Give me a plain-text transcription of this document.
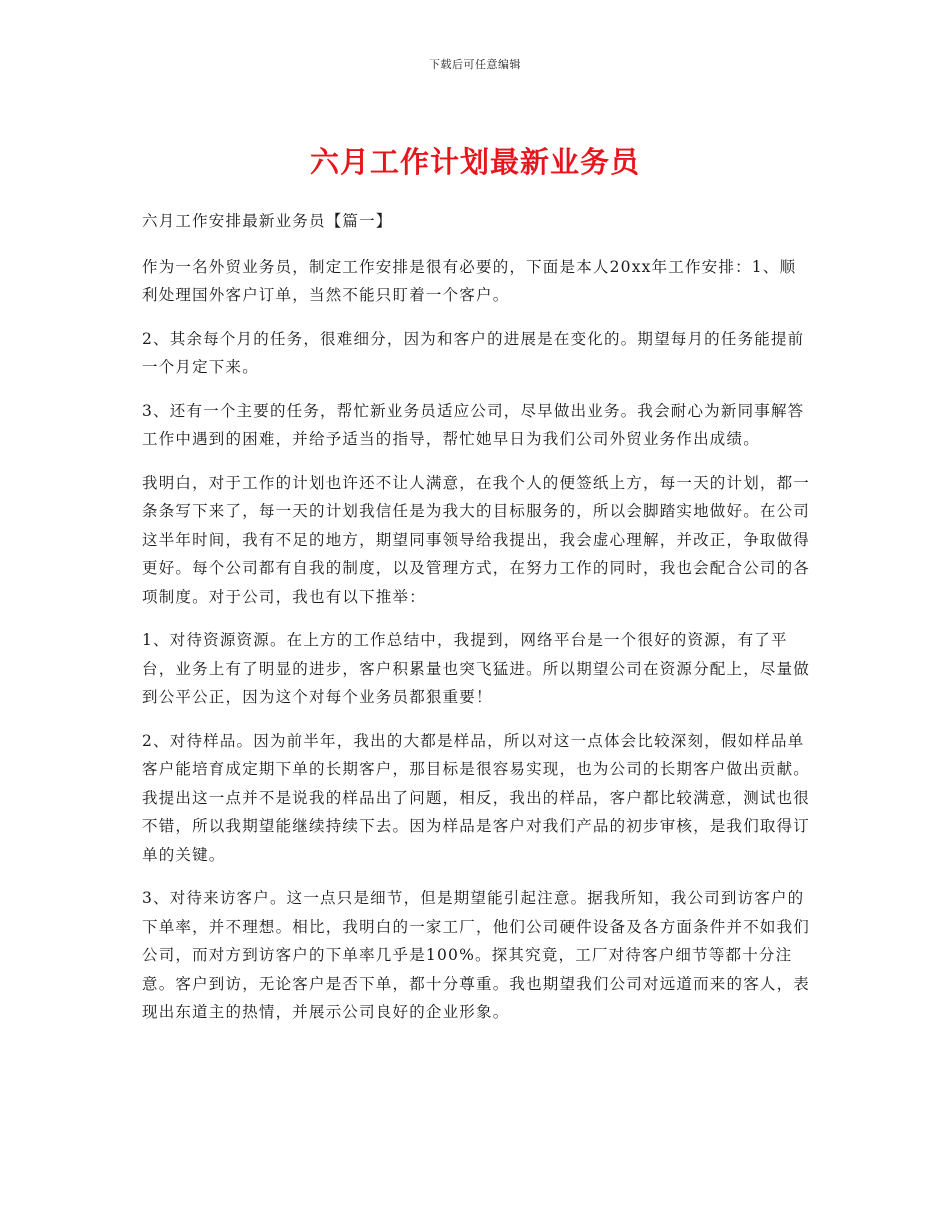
下载后可任意编辑
六月工作计划最新业务员

六月工作安排最新业务员【篇一】

作为一名外贸业务员，制定工作安排是很有必要的，下面是本人20xx年工作安排：1、顺利处理国外客户订单，当然不能只盯着一个客户。

2、其余每个月的任务，很难细分，因为和客户的进展是在变化的。期望每月的任务能提前一个月定下来。

3、还有一个主要的任务，帮忙新业务员适应公司，尽早做出业务。我会耐心为新同事解答工作中遇到的困难，并给予适当的指导，帮忙她早日为我们公司外贸业务作出成绩。

我明白，对于工作的计划也许还不让人满意，在我个人的便签纸上方，每一天的计划，都一条条写下来了，每一天的计划我信任是为我大的目标服务的，所以会脚踏实地做好。在公司这半年时间，我有不足的地方，期望同事领导给我提出，我会虚心理解，并改正，争取做得更好。每个公司都有自我的制度，以及管理方式，在努力工作的同时，我也会配合公司的各项制度。对于公司，我也有以下推举：

1、对待资源资源。在上方的工作总结中，我提到，网络平台是一个很好的资源，有了平台，业务上有了明显的进步，客户积累量也突飞猛进。所以期望公司在资源分配上，尽量做到公平公正，因为这个对每个业务员都狠重要！

2、对待样品。因为前半年，我出的大都是样品，所以对这一点体会比较深刻，假如样品单客户能培育成定期下单的长期客户，那目标是很容易实现，也为公司的长期客户做出贡献。我提出这一点并不是说我的样品出了问题，相反，我出的样品，客户都比较满意，测试也很不错，所以我期望能继续持续下去。因为样品是客户对我们产品的初步审核，是我们取得订单的关键。

3、对待来访客户。这一点只是细节，但是期望能引起注意。据我所知，我公司到访客户的下单率，并不理想。相比，我明白的一家工厂，他们公司硬件设备及各方面条件并不如我们公司，而对方到访客户的下单率几乎是100%。探其究竟，工厂对待客户细节等都十分注意。客户到访，无论客户是否下单，都十分尊重。我也期望我们公司对远道而来的客人，表现出东道主的热情，并展示公司良好的企业形象。
